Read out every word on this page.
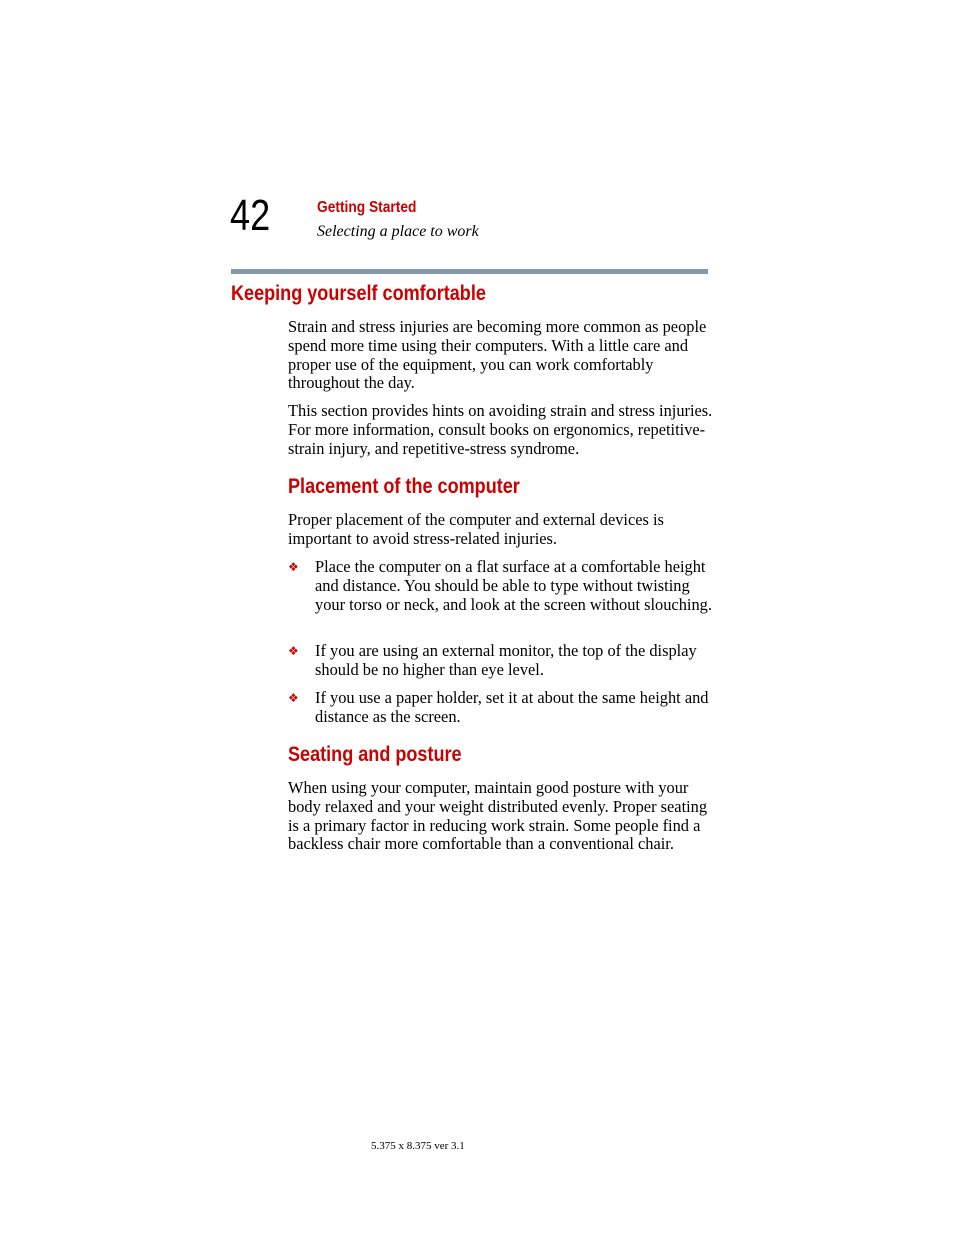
42	Getting Started
Selecting a place to work
Keeping yourself comfortable

Strain and stress injuries are becoming more common as people spend more time using their computers. With a little care and proper use of the equipment, you can work comfortably throughout the day.

This section provides hints on avoiding strain and stress injuries. For more information, consult books on ergonomics, repetitive-strain injury, and repetitive-stress syndrome.

Placement of the computer

Proper placement of the computer and external devices is important to avoid stress-related injuries.

❖ Place the computer on a flat surface at a comfortable height and distance. You should be able to type without twisting your torso or neck, and look at the screen without slouching.
❖ If you are using an external monitor, the top of the display should be no higher than eye level.
❖ If you use a paper holder, set it at about the same height and distance as the screen.
Seating and posture

When using your computer, maintain good posture with your body relaxed and your weight distributed evenly. Proper seating is a primary factor in reducing work strain. Some people find a backless chair more comfortable than a conventional chair.

5.375 x 8.375 ver 3.1
